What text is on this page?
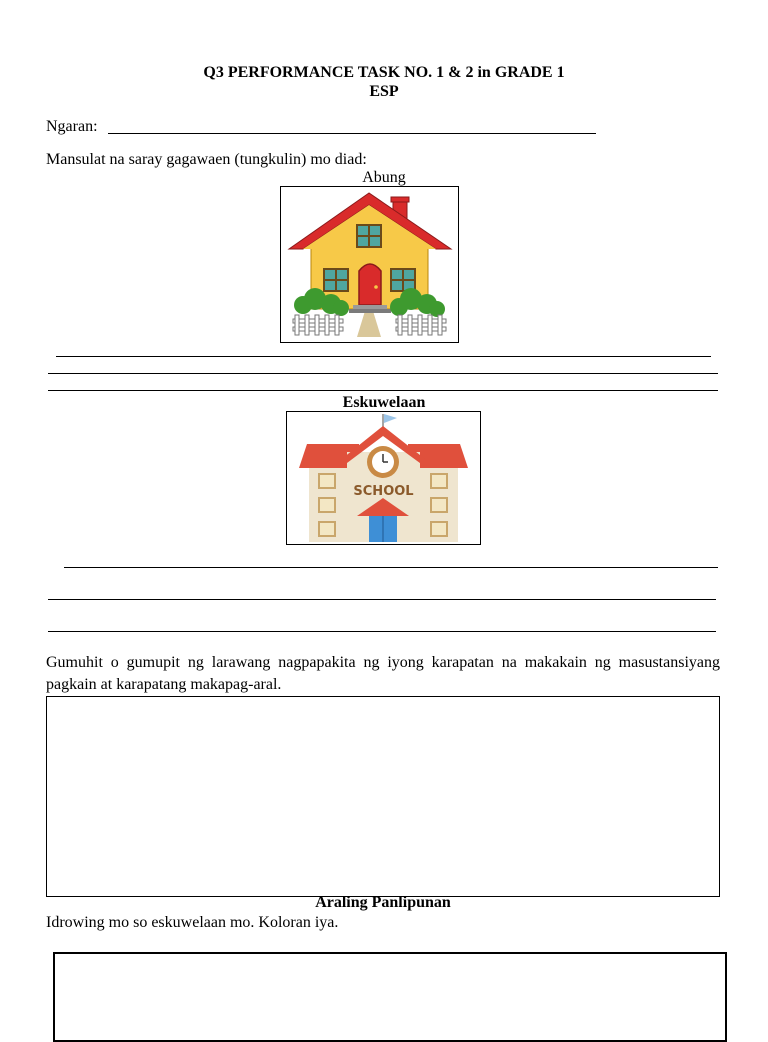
Q3 PERFORMANCE TASK NO. 1 & 2 in GRADE 1
ESP
Ngaran:
Mansulat na saray gagawaen (tungkulin) mo diad:
Abung
Eskuwelaan
SCHOOL
Gumuhit o gumupit ng larawang nagpapakita ng iyong karapatan na makakain ng masustansiyang pagkain at karapatang makapag-aral.
Araling Panlipunan
Idrowing mo so eskuwelaan mo. Koloran iya.
